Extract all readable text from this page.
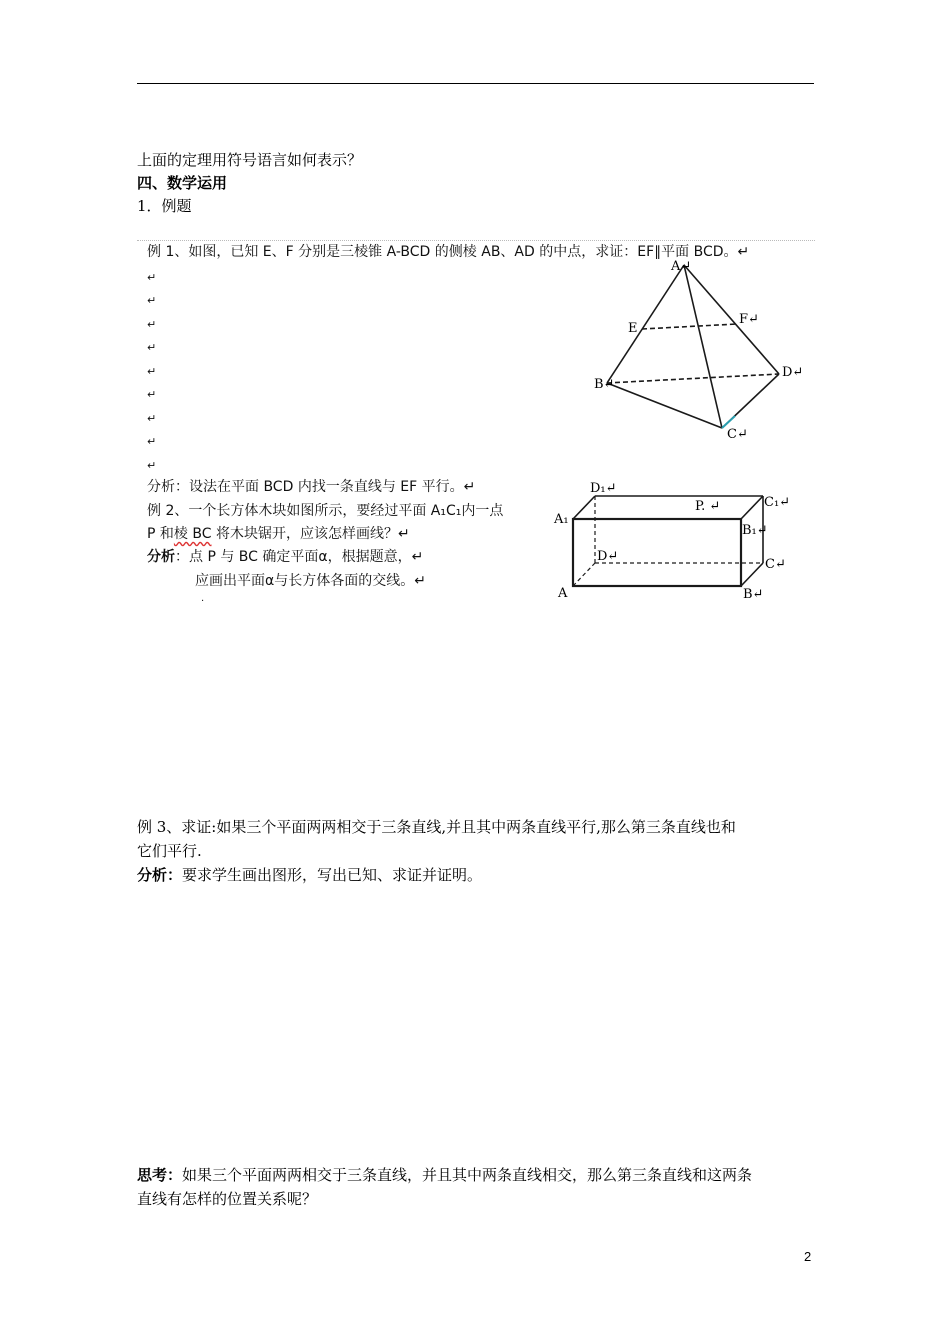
上面的定理用符号语言如何表示？
四、数学运用
1．例题
例 1、如图，已知 E、F 分别是三棱锥 A-BCD 的侧棱 AB、AD 的中点，求证：EF∥平面 BCD。↵
↵
↵
↵
↵
↵
↵
↵
↵
↵
分析：设法在平面 BCD 内找一条直线与 EF 平行。↵
例 2、一个长方体木块如图所示，要经过平面 A₁C₁内一点
P 和棱 BC 将木块锯开，应该怎样画线？↵
分析：点 P 与 BC 确定平面α，根据题意，↵
应画出平面α与长方体各面的交线。↵
·
A↵
E
F↵
B↵
D↵
C↵
D₁↵
P. ↵	C₁↵
A₁
B₁↵
D↵
C↵
A	B↵
例 3、求证:如果三个平面两两相交于三条直线,并且其中两条直线平行,那么第三条直线也和
它们平行.
分析：要求学生画出图形，写出已知、求证并证明。
思考：如果三个平面两两相交于三条直线，并且其中两条直线相交，那么第三条直线和这两条
直线有怎样的位置关系呢？
2
